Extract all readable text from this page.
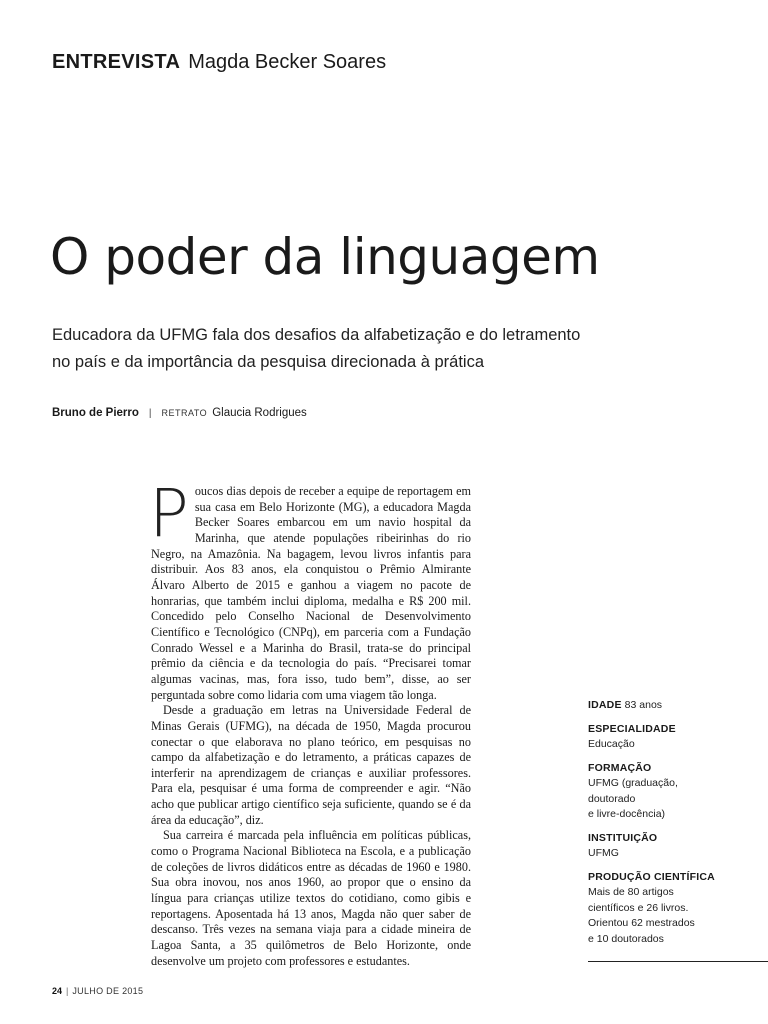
ENTREVISTA Magda Becker Soares
O poder da linguagem

Educadora da UFMG fala dos desafios da alfabetização e do letramento
no país e da importância da pesquisa direcionada à prática

Bruno de Pierro | RETRATO Glaucia Rodrigues

Poucos dias depois de receber a equipe de reportagem em sua casa em Belo Horizonte (MG), a educadora Magda Becker Soares embarcou em um navio hospital da Marinha, que atende populações ribeirinhas do rio Negro, na Amazônia. Na bagagem, levou livros infantis para distribuir. Aos 83 anos, ela conquistou o Prêmio Almirante Álvaro Alberto de 2015 e ganhou a viagem no pacote de honrarias, que também inclui diploma, medalha e R$ 200 mil. Concedido pelo Conselho Nacional de Desenvolvimento Científico e Tecnológico (CNPq), em parceria com a Fundação Conrado Wessel e a Marinha do Brasil, trata-se do principal prêmio da ciência e da tecnologia do país. “Precisarei tomar algumas vacinas, mas, fora isso, tudo bem”, disse, ao ser perguntada sobre como lidaria com uma viagem tão longa.

Desde a graduação em letras na Universidade Federal de Minas Gerais (UFMG), na década de 1950, Magda procurou conectar o que elaborava no plano teórico, em pesquisas no campo da alfabetização e do letramento, a práticas capazes de interferir na aprendizagem de crianças e auxiliar professores. Para ela, pesquisar é uma forma de compreender e agir. “Não acho que publicar artigo científico seja suficiente, quando se é da área da educação”, diz.

Sua carreira é marcada pela influência em políticas públicas, como o Programa Nacional Biblioteca na Escola, e a publicação de coleções de livros didáticos entre as décadas de 1960 e 1980. Sua obra inovou, nos anos 1960, ao propor que o ensino da língua para crianças utilize textos do cotidiano, como gibis e reportagens. Aposentada há 13 anos, Magda não quer saber de descanso. Três vezes na semana viaja para a cidade mineira de Lagoa Santa, a 35 quilômetros de Belo Horizonte, onde desenvolve um projeto com professores e estudantes.

IDADE 83 anos
ESPECIALIDADE
Educação
FORMAÇÃO
UFMG (graduação,
doutorado
e livre-docência)
INSTITUIÇÃO
UFMG
PRODUÇÃO CIENTÍFICA
Mais de 80 artigos
científicos e 26 livros.
Orientou 62 mestrados
e 10 doutorados
24 | JULHO DE 2015
